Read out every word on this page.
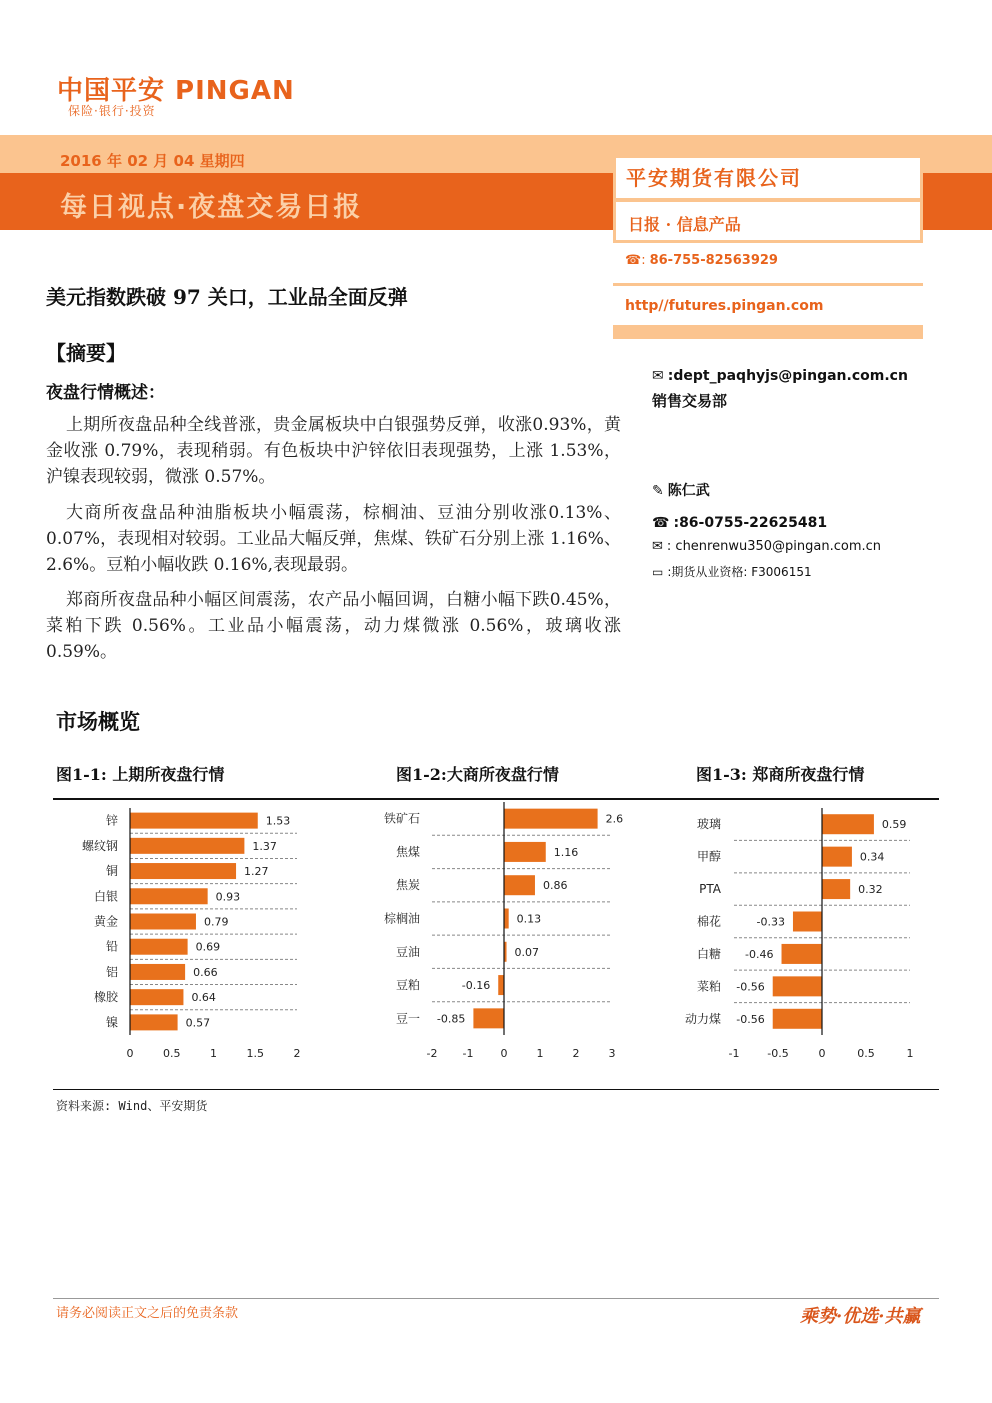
中国平安 PINGAN
保险·银行·投资
2016 年 02 月 04 星期四
每日视点·夜盘交易日报
平安期货有限公司
日报 · 信息产品
☎: 86-755-82563929
http//futures.pingan.com
美元指数跌破 97 关口，工业品全面反弹
【摘要】
夜盘行情概述：

上期所夜盘品种全线普涨，贵金属板块中白银强势反弹，收涨0.93%，黄金收涨 0.79%，表现稍弱。有色板块中沪锌依旧表现强势，上涨 1.53%，沪镍表现较弱，微涨 0.57%。

大商所夜盘品种油脂板块小幅震荡，棕榈油、豆油分别收涨0.13%、0.07%，表现相对较弱。工业品大幅反弹，焦煤、铁矿石分别上涨 1.16%、2.6%。豆粕小幅收跌 0.16%,表现最弱。

郑商所夜盘品种小幅区间震荡，农产品小幅回调，白糖小幅下跌0.45%，菜粕下跌 0.56%。工业品小幅震荡，动力煤微涨 0.56%，玻璃收涨 0.59%。

✉ :dept_paqhyjs@pingan.com.cn
销售交易部
✎ 陈仁武
☎ :86-0755-22625481
✉ : chenrenwu350@pingan.com.cn
▭ :期货从业资格: F3006151
市场概览
图1-1: 上期所夜盘行情	图1-2:大商所夜盘行情	图1-3: 郑商所夜盘行情
锌	1.53
螺纹钢	1.37
铜	1.27
白银	0.93
黄金	0.79
铅	0.69
铝	0.66
橡胶	0.64
镍	0.57
0	0.5	1	1.5	2
铁矿石	2.6
焦煤	1.16
焦炭	0.86
棕榈油	0.13
豆油	0.07
豆粕	-0.16
豆一 -0.85
-2 -1 0	1	2	3
玻璃	0.59
甲醇	0.34
PTA	0.32
棉花	-0.33
白糖 -0.46
菜粕 -0.56
动力煤 -0.56
-1	-0.5	0	0.5	1
资料来源: Wind、平安期货
请务必阅读正文之后的免责条款	乘势·优选·共赢
